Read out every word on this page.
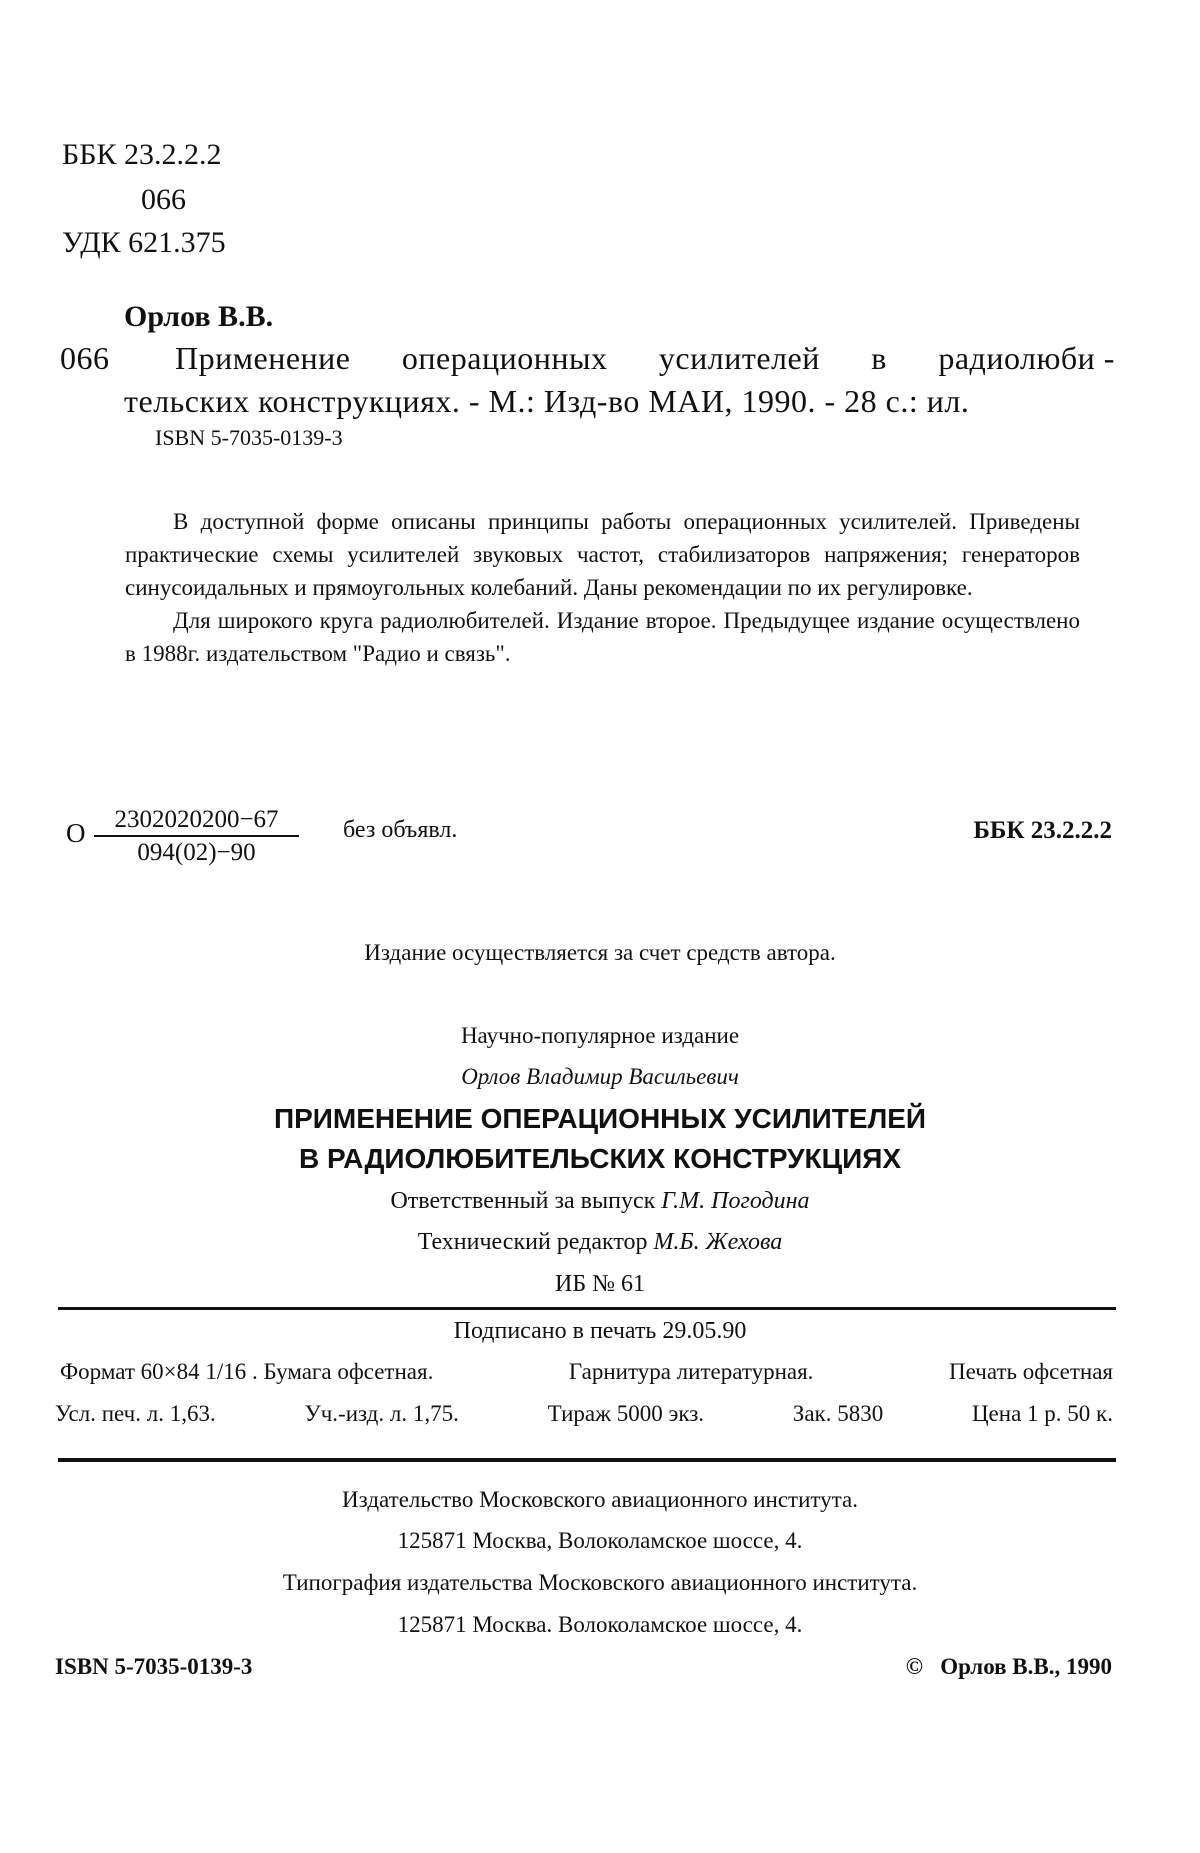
ББК 23.2.2.2
066
УДК 621.375
Орлов В.В.
066 Применение операционных усилителей в радиолюби -
тельских конструкциях. - М.: Изд-во МАИ, 1990. - 28 с.: ил.
ISBN 5-7035-0139-3

В доступной форме описаны принципы работы операционных усилителей. Приведены практические схемы усилителей звуковых частот, стабилизаторов напряжения; генераторов синусоидальных и прямоугольных колебаний. Даны рекомендации по их регулировке.

Для широкого круга радиолюбителей. Издание второе. Предыдущее издание осуществлено в 1988г. издательством "Радио и связь".

О	2302020200−67
094(02)−90
без объявл.	ББК 23.2.2.2
Издание осуществляется за счет средств автора.
Научно-популярное издание
Орлов Владимир Васильевич
ПРИМЕНЕНИЕ ОПЕРАЦИОННЫХ УСИЛИТЕЛЕЙ
В РАДИОЛЮБИТЕЛЬСКИХ КОНСТРУКЦИЯХ
Ответственный за выпуск Г.М. Погодина
Технический редактор М.Б. Жехова
ИБ № 61
Подписано в печать 29.05.90
Формат 60×84 1/16 . Бумага офсетная.	Гарнитура литературная.	Печать офсетная
Усл. печ. л. 1,63.	Уч.-изд. л. 1,75.	Тираж 5000 экз.	Зак. 5830	Цена 1 р. 50 к.
Издательство Московского авиационного института.
125871 Москва, Волоколамское шоссе, 4.
Типография издательства Московского авиационного института.
125871 Москва. Волоколамское шоссе, 4.
ISBN 5-7035-0139-3	©   Орлов В.В., 1990
